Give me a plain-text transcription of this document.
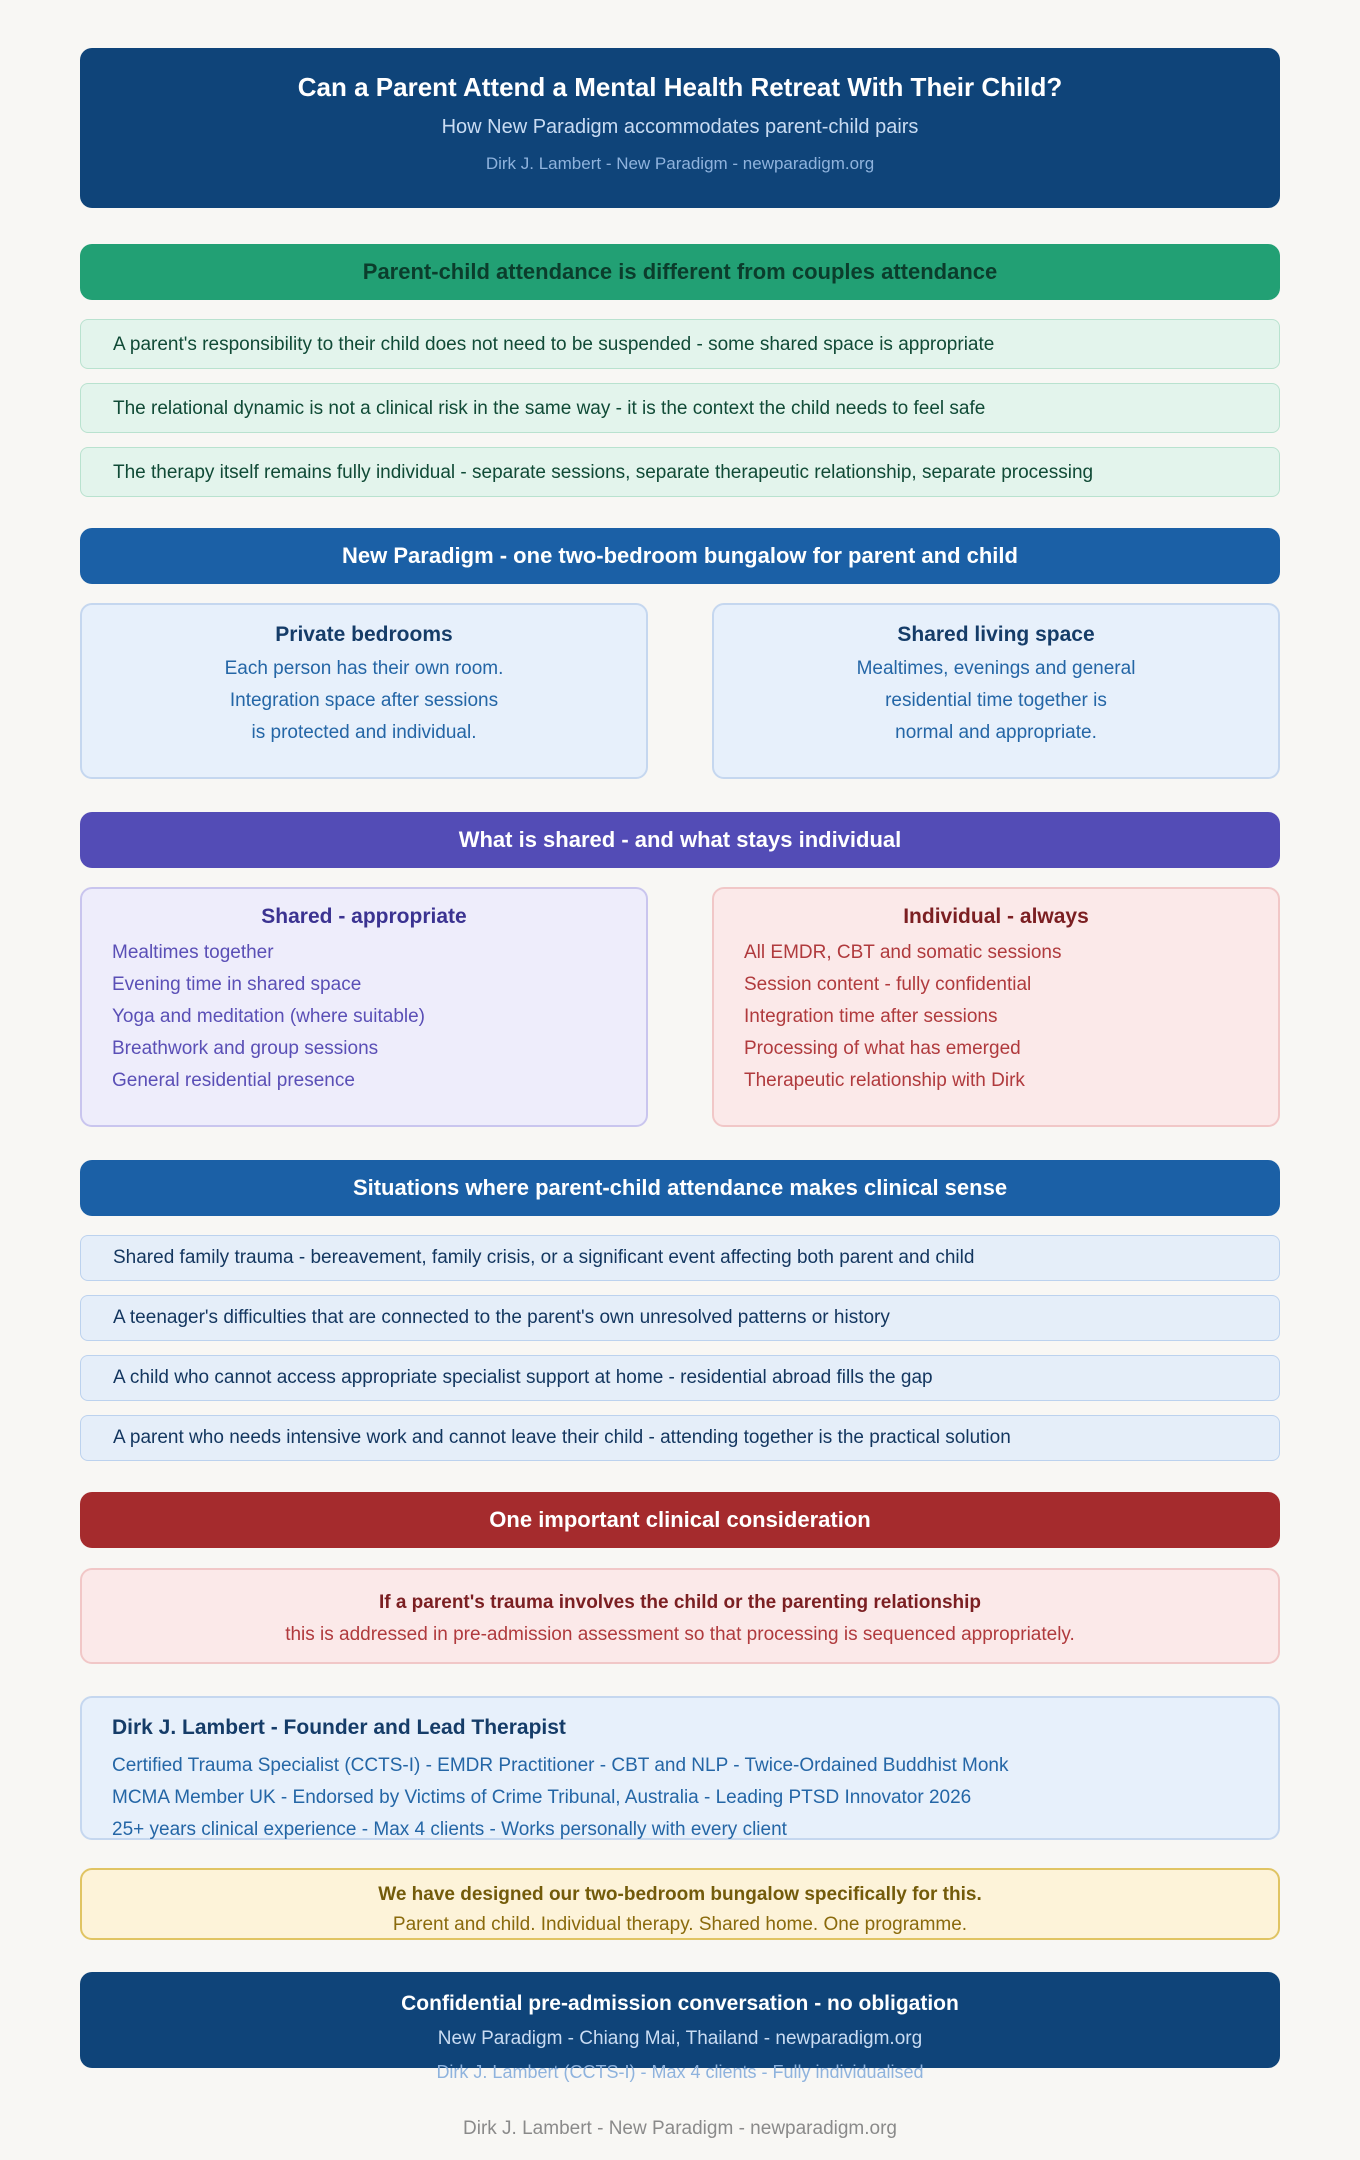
Can a Parent Attend a Mental Health Retreat With Their Child?
How New Paradigm accommodates parent-child pairs
Dirk J. Lambert - New Paradigm - newparadigm.org
Parent-child attendance is different from couples attendance
A parent's responsibility to their child does not need to be suspended - some shared space is appropriate
The relational dynamic is not a clinical risk in the same way - it is the context the child needs to feel safe
The therapy itself remains fully individual - separate sessions, separate therapeutic relationship, separate processing
New Paradigm - one two-bedroom bungalow for parent and child
Private bedrooms
Each person has their own room.
Integration space after sessions
is protected and individual.
Shared living space
Mealtimes, evenings and general
residential time together is
normal and appropriate.
What is shared - and what stays individual
Shared - appropriate
Mealtimes together
Evening time in shared space
Yoga and meditation (where suitable)
Breathwork and group sessions
General residential presence
Individual - always
All EMDR, CBT and somatic sessions
Session content - fully confidential
Integration time after sessions
Processing of what has emerged
Therapeutic relationship with Dirk
Situations where parent-child attendance makes clinical sense
Shared family trauma - bereavement, family crisis, or a significant event affecting both parent and child
A teenager's difficulties that are connected to the parent's own unresolved patterns or history
A child who cannot access appropriate specialist support at home - residential abroad fills the gap
A parent who needs intensive work and cannot leave their child - attending together is the practical solution
One important clinical consideration
If a parent's trauma involves the child or the parenting relationship
this is addressed in pre-admission assessment so that processing is sequenced appropriately.
Dirk J. Lambert - Founder and Lead Therapist
Certified Trauma Specialist (CCTS-I) - EMDR Practitioner - CBT and NLP - Twice-Ordained Buddhist Monk
MCMA Member UK - Endorsed by Victims of Crime Tribunal, Australia - Leading PTSD Innovator 2026
25+ years clinical experience - Max 4 clients - Works personally with every client
We have designed our two-bedroom bungalow specifically for this.
Parent and child. Individual therapy. Shared home. One programme.
Confidential pre-admission conversation - no obligation
New Paradigm - Chiang Mai, Thailand - newparadigm.org
Dirk J. Lambert (CCTS-I) - Max 4 clients - Fully individualised
Dirk J. Lambert - New Paradigm - newparadigm.org
